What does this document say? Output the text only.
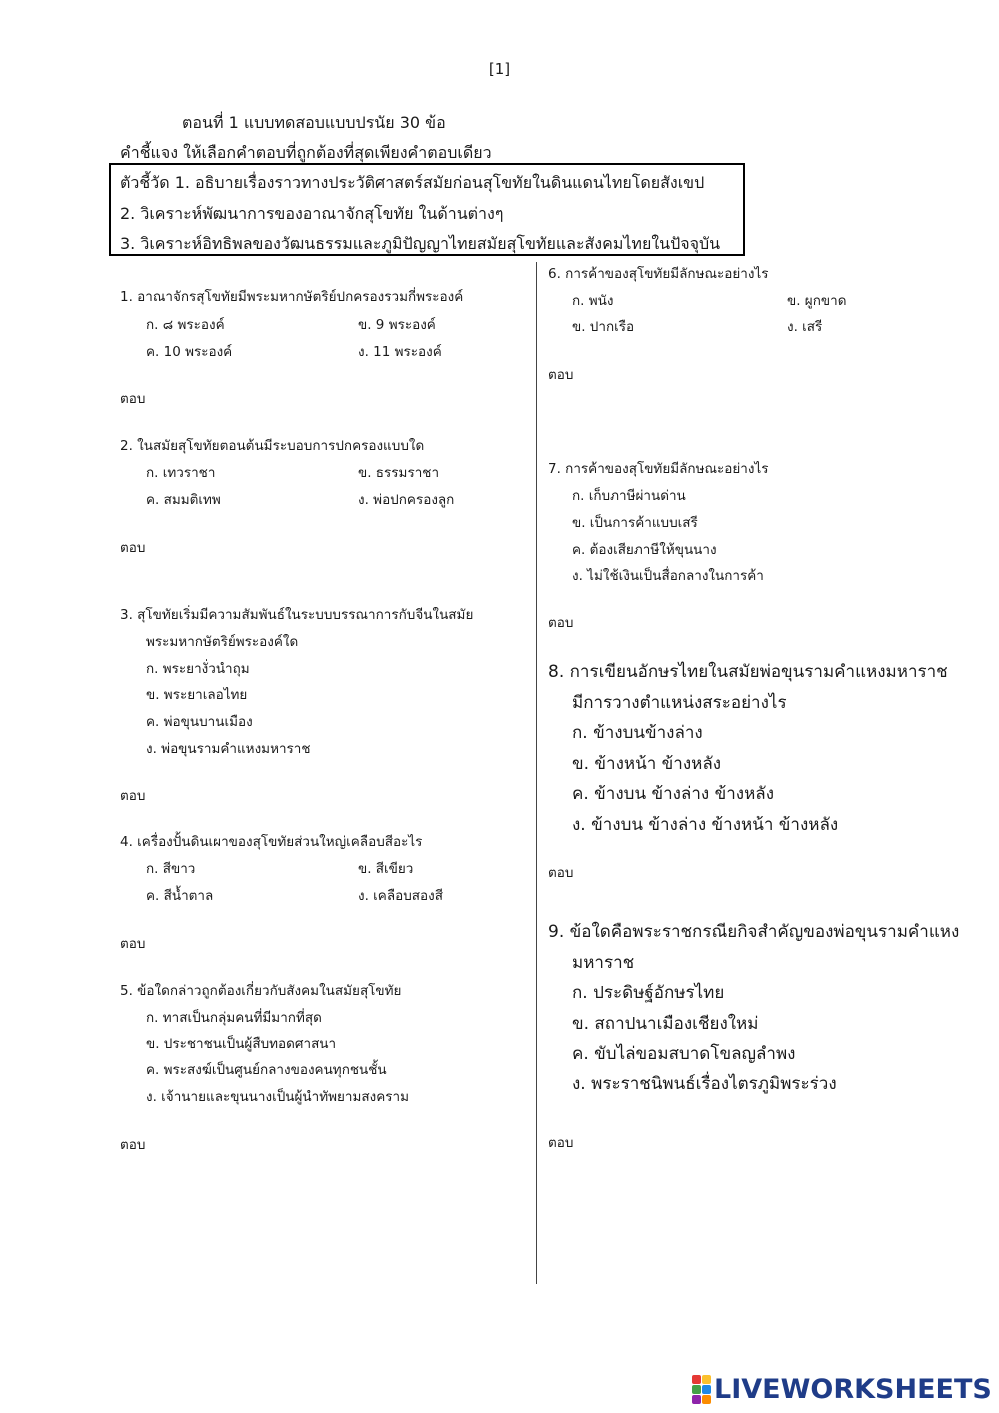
[1]
ตอนที่ 1 แบบทดสอบแบบปรนัย 30 ข้อ
คำชี้แจง ให้เลือกคำตอบที่ถูกต้องที่สุดเพียงคำตอบเดียว
ตัวชี้วัด 1. อธิบายเรื่องราวทางประวัติศาสตร์สมัยก่อนสุโขทัยในดินแดนไทยโดยสังเขป
2. วิเคราะห์พัฒนาการของอาณาจักสุโขทัย ในด้านต่างๆ
3. วิเคราะห์อิทธิพลของวัฒนธรรมและภูมิปัญญาไทยสมัยสุโขทัยและสังคมไทยในปัจจุบัน
1. อาณาจักรสุโขทัยมีพระมหากษัตริย์ปกครองรวมกี่พระองค์
ก. ๘ พระองค์	ข. 9 พระองค์
ค. 10 พระองค์	ง. 11 พระองค์
ตอบ
2. ในสมัยสุโขทัยตอนต้นมีระบอบการปกครองแบบใด
ก. เทวราชา	ข. ธรรมราชา
ค. สมมติเทพ	ง. พ่อปกครองลูก
ตอบ
3. สุโขทัยเริ่มมีความสัมพันธ์ในระบบบรรณาการกับจีนในสมัย
พระมหากษัตริย์พระองค์ใด
ก. พระยางั่วนำถุม
ข. พระยาเลอไทย
ค. พ่อขุนบานเมือง
ง. พ่อขุนรามคำแหงมหาราช
ตอบ
4. เครื่องปั้นดินเผาของสุโขทัยส่วนใหญ่เคลือบสีอะไร
ก. สีขาว	ข. สีเขียว
ค. สีน้ำตาล	ง. เคลือบสองสี
ตอบ
5. ข้อใดกล่าวถูกต้องเกี่ยวกับสังคมในสมัยสุโขทัย
ก. ทาสเป็นกลุ่มคนที่มีมากที่สุด
ข. ประชาชนเป็นผู้สืบทอดศาสนา
ค. พระสงฆ์เป็นศูนย์กลางของคนทุกชนชั้น
ง. เจ้านายและขุนนางเป็นผู้นำทัพยามสงคราม
ตอบ
6. การค้าของสุโขทัยมีลักษณะอย่างไร
ก. พนัง	ข. ผูกขาด
ข. ปากเรือ	ง. เสรี
ตอบ
7. การค้าของสุโขทัยมีลักษณะอย่างไร
ก. เก็บภาษีผ่านด่าน
ข. เป็นการค้าแบบเสรี
ค. ต้องเสียภาษีให้ขุนนาง
ง. ไม่ใช้เงินเป็นสื่อกลางในการค้า
ตอบ
8. การเขียนอักษรไทยในสมัยพ่อขุนรามคำแหงมหาราช
มีการวางตำแหน่งสระอย่างไร
ก. ข้างบนข้างล่าง
ข. ข้างหน้า ข้างหลัง
ค. ข้างบน ข้างล่าง ข้างหลัง
ง. ข้างบน ข้างล่าง ข้างหน้า ข้างหลัง
ตอบ
9. ข้อใดคือพระราชกรณียกิจสำคัญของพ่อขุนรามคำแหง
มหาราช
ก. ประดิษฐ์อักษรไทย
ข. สถาปนาเมืองเชียงใหม่
ค. ขับไล่ขอมสบาดโขลญลำพง
ง. พระราชนิพนธ์เรื่องไตรภูมิพระร่วง
ตอบ
LIVEWORKSHEETS
